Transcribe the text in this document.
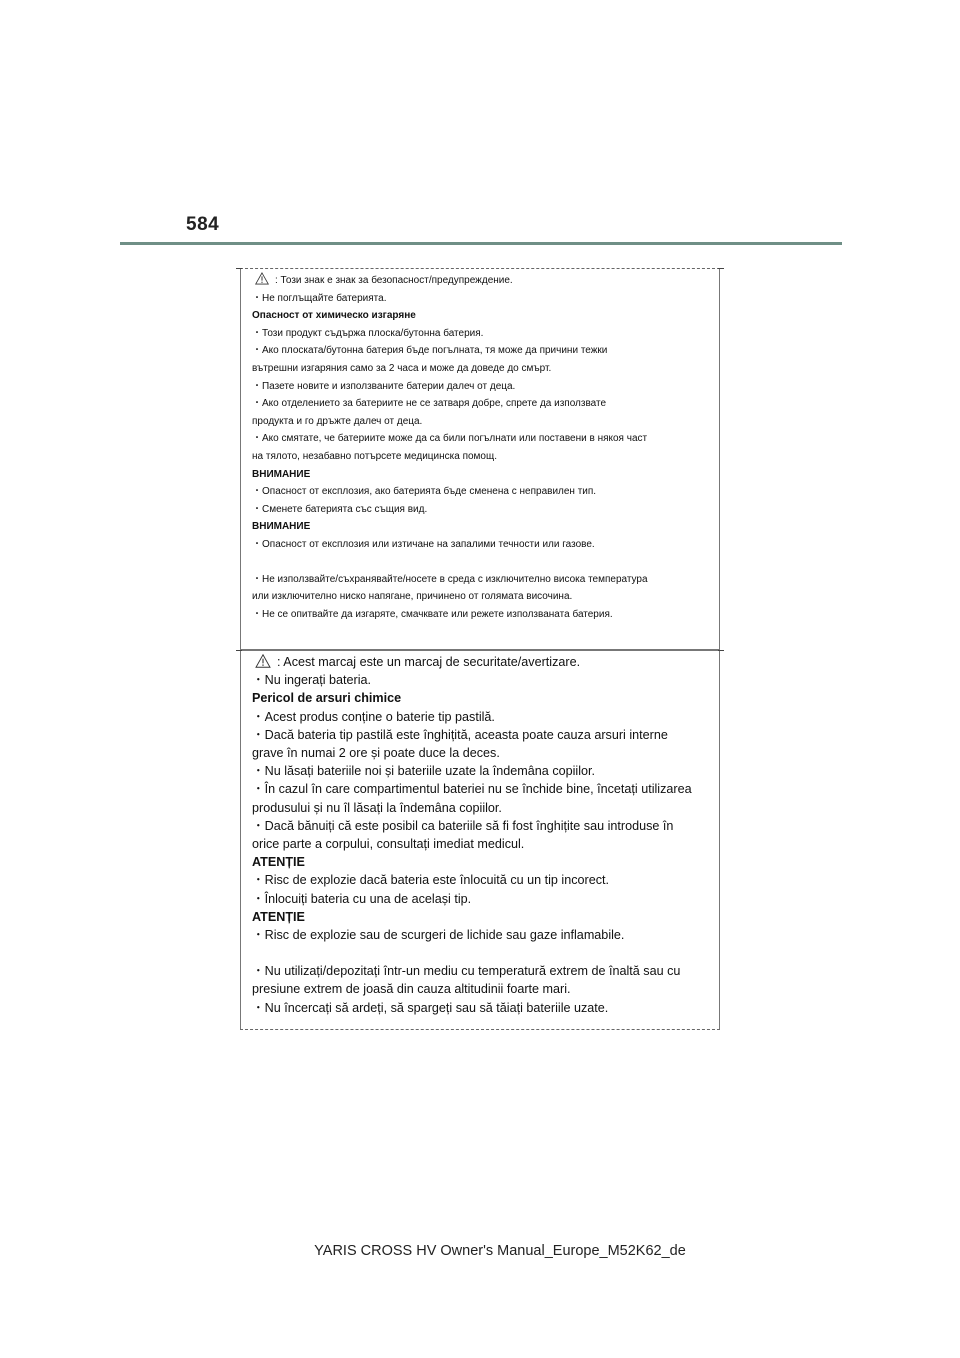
584
: Този знак е знак за безопасност/предупреждение.
・Не поглъщайте батерията.
Опасност от химическо изгаряне
・Този продукт съдържа плоска/бутонна батерия.
・Ако плоската/бутонна батерия бъде погълната, тя може да причини тежки
вътрешни изгаряния само за 2 часа и може да доведе до смърт.
・Пазете новите и използваните батерии далеч от деца.
・Ако отделението за батериите не се затваря добре, спрете да използвате
продукта и го дръжте далеч от деца.
・Ако смятате, че батериите може да са били погълнати или поставени в някоя част
на тялото, незабавно потърсете медицинска помощ.
ВНИМАНИЕ
・Опасност от експлозия, ако батерията бъде сменена с неправилен тип.
・Сменете батерията със същия вид.
ВНИМАНИЕ
・Опасност от експлозия или изтичане на запалими течности или газове.
・Не използвайте/съхранявайте/носете в среда с изключително висока температура
или изключително ниско напягане, причинено от голямата височина.
・Не се опитвайте да изгаряте, смачквате или режете използваната батерия.
: Acest marcaj este un marcaj de securitate/avertizare.
・Nu ingerați bateria.
Pericol de arsuri chimice
・Acest produs conține o baterie tip pastilă.
・Dacă bateria tip pastilă este înghițită, aceasta poate cauza arsuri interne
grave în numai 2 ore și poate duce la deces.
・Nu lăsați bateriile noi și bateriile uzate la îndemâna copiilor.
・În cazul în care compartimentul bateriei nu se închide bine, încetați utilizarea
produsului și nu îl lăsați la îndemâna copiilor.
・Dacă bănuiți că este posibil ca bateriile să fi fost înghițite sau introduse în
orice parte a corpului, consultați imediat medicul.
ATENȚIE
・Risc de explozie dacă bateria este înlocuită cu un tip incorect.
・Înlocuiți bateria cu una de același tip.
ATENȚIE
・Risc de explozie sau de scurgeri de lichide sau gaze inflamabile.
・Nu utilizați/depozitați într-un mediu cu temperatură extrem de înaltă sau cu
presiune extrem de joasă din cauza altitudinii foarte mari.
・Nu încercați să ardeți, să spargeți sau să tăiați bateriile uzate.
YARIS CROSS HV Owner's Manual_Europe_M52K62_de
